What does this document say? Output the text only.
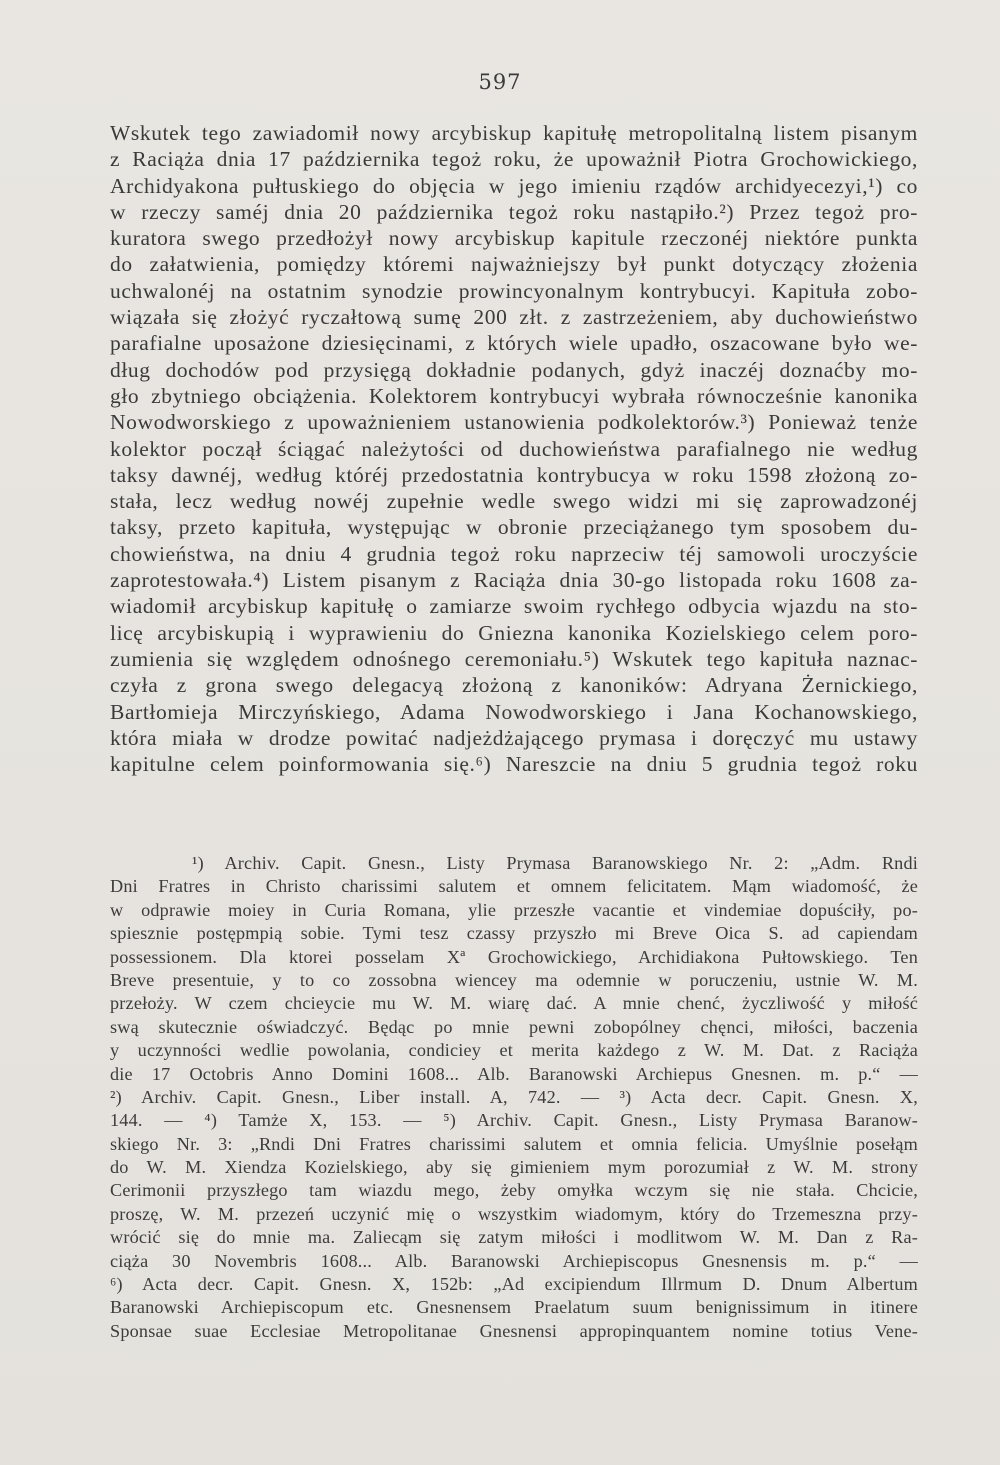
597
Wskutek tego zawiadomił nowy arcybiskup kapitułę metropolitalną listem pisanym
z Raciąża dnia 17 października tegoż roku, że upoważnił Piotra Grochowickiego,
Archidyakona pułtuskiego do objęcia w jego imieniu rządów archidyecezyi,¹) co
w rzeczy saméj dnia 20 października tegoż roku nastąpiło.²) Przez tegoż pro-
kuratora swego przedłożył nowy arcybiskup kapitule rzeczonéj niektóre punkta
do załatwienia, pomiędzy któremi najważniejszy był punkt dotyczący złożenia
uchwalonéj na ostatnim synodzie prowincyonalnym kontrybucyi. Kapituła zobo-
wiązała się złożyć ryczałtową sumę 200 złt. z zastrzeżeniem, aby duchowieństwo
parafialne uposażone dziesięcinami, z których wiele upadło, oszacowane było we-
dług dochodów pod przysięgą dokładnie podanych, gdyż inaczéj doznaćby mo-
gło zbytniego obciążenia. Kolektorem kontrybucyi wybrała równocześnie kanonika
Nowodworskiego z upoważnieniem ustanowienia podkolektorów.³) Ponieważ tenże
kolektor począł ściągać należytości od duchowieństwa parafialnego nie według
taksy dawnéj, według któréj przedostatnia kontrybucya w roku 1598 złożoną zo-
stała, lecz według nowéj zupełnie wedle swego widzi mi się zaprowadzonéj
taksy, przeto kapituła, występując w obronie przeciążanego tym sposobem du-
chowieństwa, na dniu 4 grudnia tegoż roku naprzeciw téj samowoli uroczyście
zaprotestowała.⁴) Listem pisanym z Raciąża dnia 30-go listopada roku 1608 za-
wiadomił arcybiskup kapitułę o zamiarze swoim rychłego odbycia wjazdu na sto-
licę arcybiskupią i wyprawieniu do Gniezna kanonika Kozielskiego celem poro-
zumienia się względem odnośnego ceremoniału.⁵) Wskutek tego kapituła naznac-
czyła z grona swego delegacyą złożoną z kanoników: Adryana Żernickiego,
Bartłomieja Mirczyńskiego, Adama Nowodworskiego i Jana Kochanowskiego,
która miała w drodze powitać nadjeżdżającego prymasa i doręczyć mu ustawy
kapitulne celem poinformowania się.⁶) Nareszcie na dniu 5 grudnia tegoż roku
¹) Archiv. Capit. Gnesn., Listy Prymasa Baranowskiego Nr. 2: „Adm. Rndi
Dni Fratres in Christo charissimi salutem et omnem felicitatem. Mąm wiadomość, że
w odprawie moiey in Curia Romana, ylie przeszłe vacantie et vindemiae dopuściły, po-
spiesznie postępmpią sobie. Tymi tesz czassy przyszło mi Breve Oica S. ad capiendam
possessionem. Dla ktorei posselam Xª Grochowickiego, Archidiakona Pułtowskiego. Ten
Breve presentuie, y to co zossobna wiencey ma odemnie w poruczeniu, ustnie W. M.
przełoży. W czem chcieycie mu W. M. wiarę dać. A mnie chenć, życzliwość y miłość
swą skutecznie oświadczyć. Będąc po mnie pewni zobopólney chęnci, miłości, baczenia
y uczynności wedlie powolania, condiciey et merita każdego z W. M. Dat. z Raciąża
die 17 Octobris Anno Domini 1608... Alb. Baranowski Archiepus Gnesnen. m. p.“ —
²) Archiv. Capit. Gnesn., Liber install. A, 742. — ³) Acta decr. Capit. Gnesn. X,
144. — ⁴) Tamże X, 153. — ⁵) Archiv. Capit. Gnesn., Listy Prymasa Baranow-
skiego Nr. 3: „Rndi Dni Fratres charissimi salutem et omnia felicia. Umyślnie posełąm
do W. M. Xiendza Kozielskiego, aby się gimieniem mym porozumiał z W. M. strony
Cerimonii przyszłego tam wiazdu mego, żeby omyłka wczym się nie stała. Chcicie,
proszę, W. M. przezeń uczynić mię o wszystkim wiadomym, który do Trzemeszna przy-
wrócić się do mnie ma. Zaliecąm się zatym miłości i modlitwom W. M. Dan z Ra-
ciąża 30 Novembris 1608... Alb. Baranowski Archiepiscopus Gnesnensis m. p.“ —
⁶) Acta decr. Capit. Gnesn. X, 152b: „Ad excipiendum Illrmum D. Dnum Albertum
Baranowski Archiepiscopum etc. Gnesnensem Praelatum suum benignissimum in itinere
Sponsae suae Ecclesiae Metropolitanae Gnesnensi appropinquantem nomine totius Vene-
